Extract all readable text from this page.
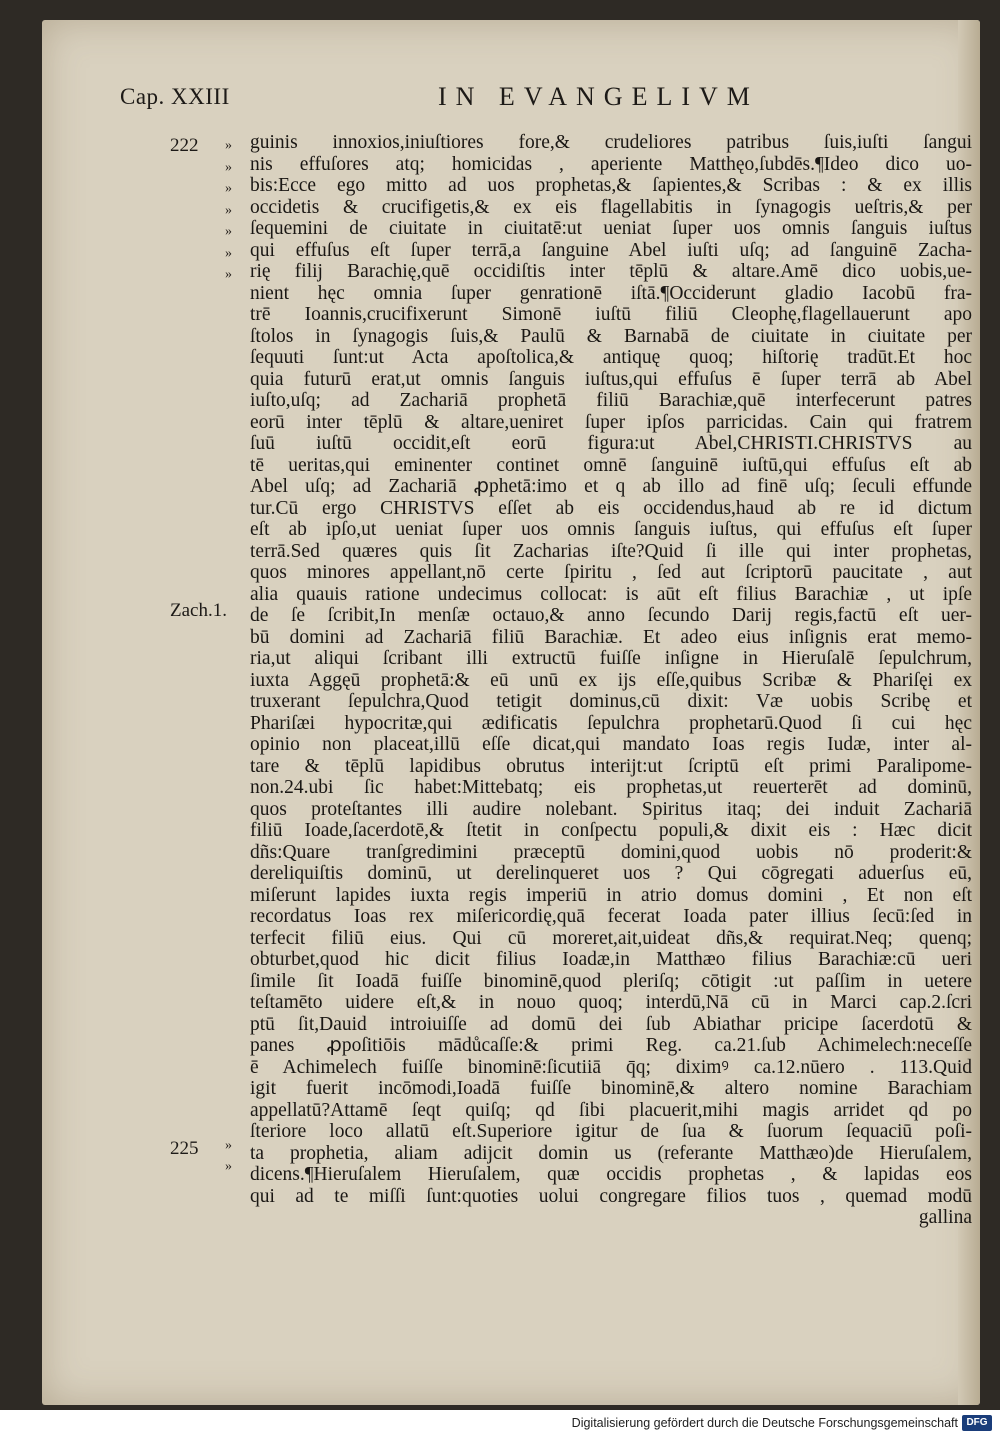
Cap. XXIII	IN EVANGELIVM
222
Zach.1.
225
»
»
»
»
»
»
»
»
»
guinis innoxios,iniuſtiores fore,& crudeliores patribus ſuis,iuſti ſangui
nis effuſores atq; homicidas , aperiente Matthęo,ſubdēs.¶Ideo dico uo-
bis:Ecce ego mitto ad uos prophetas,& ſapientes,& Scribas : & ex illis
occidetis & crucifigetis,& ex eis flagellabitis in ſynagogis ueſtris,& per
ſequemini de ciuitate in ciuitatē:ut ueniat ſuper uos omnis ſanguis iuſtus
qui effuſus eſt ſuper terrā,a ſanguine Abel iuſti uſq; ad ſanguinē Zacha-
rię filij Barachię,quē occidiſtis inter tēplū & altare.Amē dico uobis,ue-
nient hęc omnia ſuper genrationē iſtā.¶Occiderunt gladio Iacobū fra-
trē Ioannis,crucifixerunt Simonē iuſtū filiū Cleophę,flagellauerunt apo
ſtolos in ſynagogis ſuis,& Paulū & Barnabā de ciuitate in ciuitate per
ſequuti ſunt:ut Acta apoſtolica,& antiquę quoq; hiſtorię tradūt.Et hoc
quia futurū erat,ut omnis ſanguis iuſtus,qui effuſus ē ſuper terrā ab Abel
iuſto,uſq; ad Zachariā prophetā filiū Barachiæ,quē interfecerunt patres
eorū inter tēplū & altare,ueniret ſuper ipſos parricidas. Cain qui fratrem
ſuū iuſtū occidit,eſt eorū figura:ut Abel,CHRISTI.CHRISTVS au
tē ueritas,qui eminenter continet omnē ſanguinē iuſtū,qui effuſus eſt ab
Abel uſq; ad Zachariā ꝓphetā:imo et q ab illo ad finē uſq; ſeculi effunde
tur.Cū ergo CHRISTVS eſſet ab eis occidendus,haud ab re id dictum
eſt ab ipſo,ut ueniat ſuper uos omnis ſanguis iuſtus, qui effuſus eſt ſuper
terrā.Sed quæres quis ſit Zacharias iſte?Quid ſi ille qui inter prophetas,
quos minores appellant,nō certe ſpiritu , ſed aut ſcriptorū paucitate , aut
alia quauis ratione undecimus collocat: is aūt eſt filius Barachiæ , ut ipſe
de ſe ſcribit,In menſæ octauo,& anno ſecundo Darij regis,factū eſt uer-
bū domini ad Zachariā filiū Barachiæ. Et adeo eius inſignis erat memo-
ria,ut aliqui ſcribant illi extructū fuiſſe inſigne in Hieruſalē ſepulchrum,
iuxta Aggęū prophetā:& eū unū ex ijs eſſe,quibus Scribæ & Phariſęi ex
truxerant ſepulchra,Quod tetigit dominus,cū dixit: Væ uobis Scribę et
Phariſæi hypocritæ,qui ædificatis ſepulchra prophetarū.Quod ſi cui hęc
opinio non placeat,illū eſſe dicat,qui mandato Ioas regis Iudæ, inter al-
tare & tēplū lapidibus obrutus interijt:ut ſcriptū eſt primi Paralipome-
non.24.ubi ſic habet:Mittebatq; eis prophetas,ut reuerterēt ad dominū,
quos proteſtantes illi audire nolebant. Spiritus itaq; dei induit Zachariā
filiū Ioade,ſacerdotē,& ſtetit in conſpectu populi,& dixit eis : Hæc dicit
dñs:Quare tranſgredimini præceptū domini,quod uobis nō proderit:&
dereliquiſtis dominū, ut derelinqueret uos ? Qui cōgregati aduerſus eū,
miſerunt lapides iuxta regis imperiū in atrio domus domini , Et non eſt
recordatus Ioas rex miſericordię,quā fecerat Ioada pater illius ſecū:ſed in
terfecit filiū eius. Qui cū moreret,ait,uideat dñs,& requirat.Neq; quenq;
obturbet,quod hic dicit filius Ioadæ,in Matthæo filius Barachiæ:cū ueri
ſimile ſit Ioadā fuiſſe binominē,quod pleriſq; cōtigit :ut paſſim in uetere
teſtamēto uidere eſt,& in nouo quoq; interdū,Nā cū in Marci cap.2.ſcri
ptū ſit,Dauid introiuiſſe ad domū dei ſub Abiathar pricipe ſacerdotū &
panes ꝓpoſitiōis mādůcaſſe:& primi Reg. ca.21.ſub Achimelech:neceſſe
ē Achimelech fuiſſe binominē:ſicutiiā q̄q; diximꝰ ca.12.nūero . 113.Quid
igit fuerit incōmodi,Ioadā fuiſſe binominē,& altero nomine Barachiam
appellatū?Attamē ſeqt quiſq; qd ſibi placuerit,mihi magis arridet qd po
ſteriore loco allatū eſt.Superiore igitur de ſua & ſuorum ſequaciū poſi-
ta prophetia, aliam adijcit domin us (referante Matthæo)de Hieruſalem,
dicens.¶Hieruſalem Hieruſalem, quæ occidis prophetas , & lapidas eos
qui ad te miſſi ſunt:quoties uolui congregare filios tuos , quemad modū
gallina
Digitalisierung gefördert durch die Deutsche Forschungsgemeinschaft DFG
